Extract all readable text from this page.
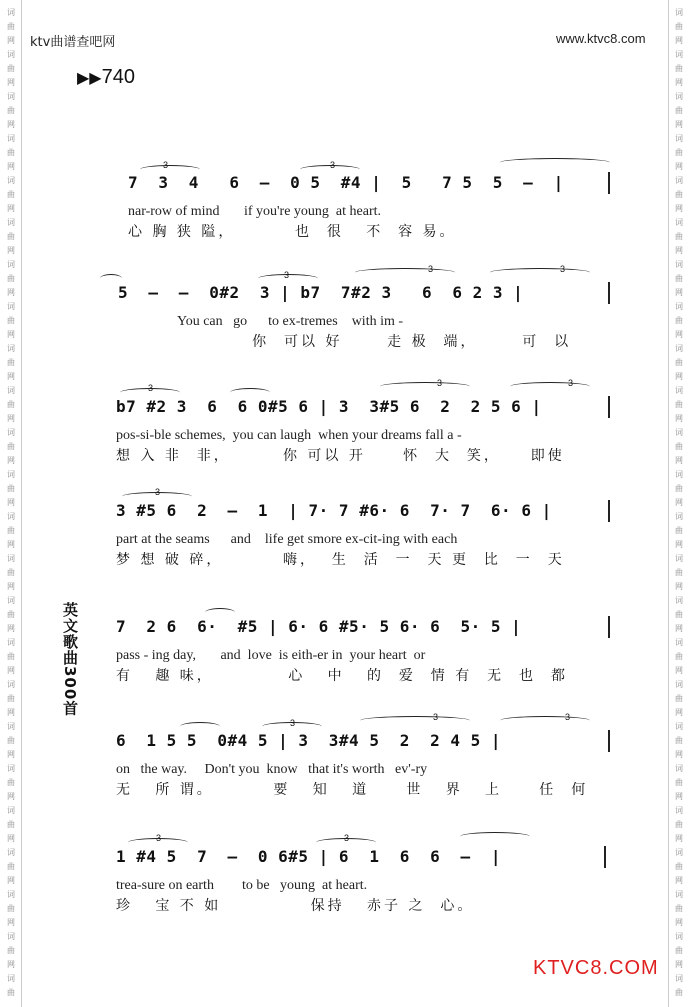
词
曲
网
词
曲
网
词
曲
网
词
曲
网
词
曲
网
词
曲
网
词
曲
网
词
曲
网
词
曲
网
词
曲
网
词
曲
网
词
曲
网
词
曲
网
词
曲
网
词
曲
网
词
曲
网
词
曲
网
词
曲
网
词
曲
网
词
曲
网
词
曲
网
词
曲
网
词
曲
网
词
曲
词
曲
网
词
曲
网
词
曲
网
词
曲
网
词
曲
网
词
曲
网
词
曲
网
词
曲
网
词
曲
网
词
曲
网
词
曲
网
词
曲
网
词
曲
网
词
曲
网
词
曲
网
词
曲
网
词
曲
网
词
曲
网
词
曲
网
词
曲
网
词
曲
网
词
曲
网
词
曲
网
词
曲
ktv曲谱查吧网	www.ktvc8.com
▶▶740
英文歌曲300首
7  3  4   6  —  0 5  #4 |  5   7 5  5  —  |
nar-row of mind       if you're young  at heart.
心 胸 狭 隘，        也  很   不  容 易。
5  —  —  0#2  3 | b7  7#2 3   6  6 2 3 |
You can   go      to ex-tremes    with im -
你  可以 好      走 极  端，      可  以
b7 #2 3  6  6 0#5 6 | 3  3#5 6  2  2 5 6 |
pos-si-ble schemes,  you can laugh  when your dreams fall a -
想 入 非  非，       你 可以 开     怀  大  笑，    即使
3 #5 6  2  —  1  | 7· 7 #6· 6  7· 7  6· 6 |
part at the seams      and    life get smore ex-cit-ing with each
梦 想 破 碎，        嗨，  生  活  一  天 更  比  一  天
7  2 6  6·  #5 | 6· 6 #5· 5 6· 6  5· 5 |
pass - ing day,       and  love  is eith-er in  your heart  or
有   趣 味，          心   中   的  爱  情 有  无  也  都
6  1 5 5  0#4 5 | 3  3#4 5  2  2 4 5 |
on   the way.     Don't you  know   that it's worth   ev'-ry
无   所 谓。        要   知   道     世   界   上     任  何
1 #4 5  7  —  0 6#5 | 6  1  6  6  —  |
trea-sure on earth        to be   young  at heart.
珍   宝 不 如            保持   赤子 之  心。
3	3
3
3	3
3	3	3
3
3
3	3
3	3
KTVC8.COM
